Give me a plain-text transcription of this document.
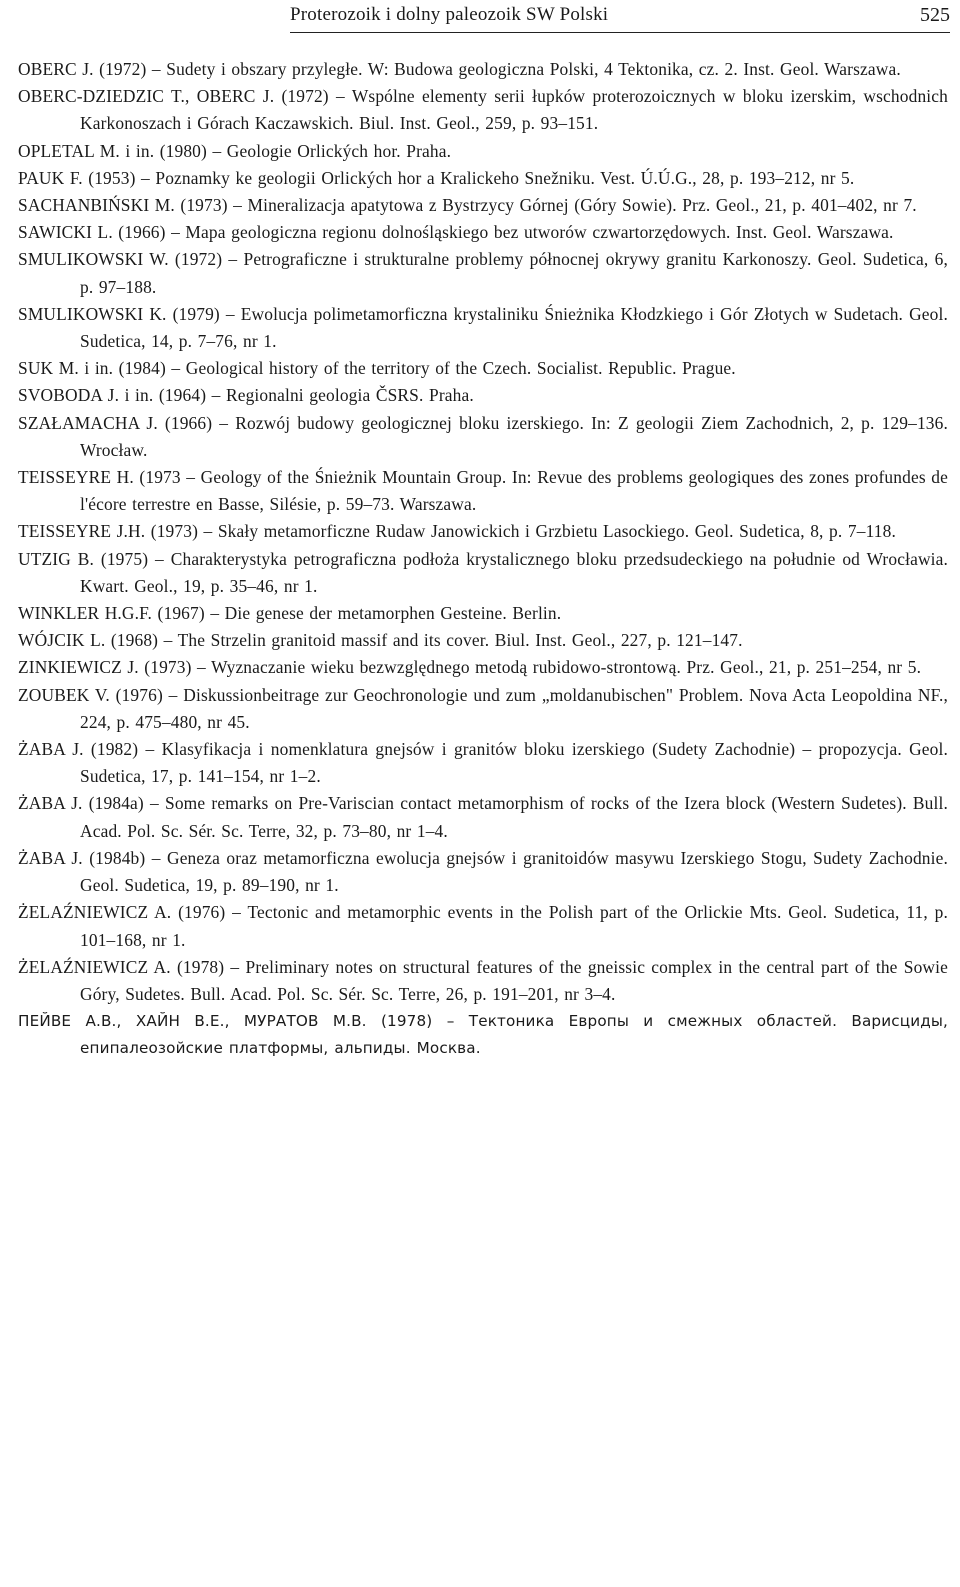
Proterozoik i dolny paleozoik SW Polski	525
OBERC J. (1972) – Sudety i obszary przyległe. W: Budowa geologiczna Polski, 4 Tektonika, cz. 2. Inst. Geol. Warszawa.
OBERC-DZIEDZIC T., OBERC J. (1972) – Wspólne elementy serii łupków proterozoicznych w bloku izerskim, wschodnich Karkonoszach i Górach Kaczawskich. Biul. Inst. Geol., 259, p. 93–151.
OPLETAL M. i in. (1980) – Geologie Orlických hor. Praha.
PAUK F. (1953) – Poznamky ke geologii Orlických hor a Kralickeho Snežniku. Vest. Ú.Ú.G., 28, p. 193–212, nr 5.
SACHANBIŃSKI M. (1973) – Mineralizacja apatytowa z Bystrzycy Górnej (Góry Sowie). Prz. Geol., 21, p. 401–402, nr 7.
SAWICKI L. (1966) – Mapa geologiczna regionu dolnośląskiego bez utworów czwartorzędowych. Inst. Geol. Warszawa.
SMULIKOWSKI W. (1972) – Petrograficzne i strukturalne problemy północnej okrywy granitu Karkonoszy. Geol. Sudetica, 6, p. 97–188.
SMULIKOWSKI K. (1979) – Ewolucja polimetamorficzna krystaliniku Śnieżnika Kłodzkiego i Gór Złotych w Sudetach. Geol. Sudetica, 14, p. 7–76, nr 1.
SUK M. i in. (1984) – Geological history of the territory of the Czech. Socialist. Republic. Prague.
SVOBODA J. i in. (1964) – Regionalni geologia ČSRS. Praha.
SZAŁAMACHA J. (1966) – Rozwój budowy geologicznej bloku izerskiego. In: Z geologii Ziem Zachodnich, 2, p. 129–136. Wrocław.
TEISSEYRE H. (1973 – Geology of the Śnieżnik Mountain Group. In: Revue des problems geologiques des zones profundes de l'écore terrestre en Basse, Silésie, p. 59–73. Warszawa.
TEISSEYRE J.H. (1973) – Skały metamorficzne Rudaw Janowickich i Grzbietu Lasockiego. Geol. Sudetica, 8, p. 7–118.
UTZIG B. (1975) – Charakterystyka petrograficzna podłoża krystalicznego bloku przedsudeckiego na południe od Wrocławia. Kwart. Geol., 19, p. 35–46, nr 1.
WINKLER H.G.F. (1967) – Die genese der metamorphen Gesteine. Berlin.
WÓJCIK L. (1968) – The Strzelin granitoid massif and its cover. Biul. Inst. Geol., 227, p. 121–147.
ZINKIEWICZ J. (1973) – Wyznaczanie wieku bezwzględnego metodą rubidowo-strontową. Prz. Geol., 21, p. 251–254, nr 5.
ZOUBEK V. (1976) – Diskussionbeitrage zur Geochronologie und zum „moldanubischen" Problem. Nova Acta Leopoldina NF., 224, p. 475–480, nr 45.
ŻABA J. (1982) – Klasyfikacja i nomenklatura gnejsów i granitów bloku izerskiego (Sudety Zachodnie) – propozycja. Geol. Sudetica, 17, p. 141–154, nr 1–2.
ŻABA J. (1984a) – Some remarks on Pre-Variscian contact metamorphism of rocks of the Izera block (Western Sudetes). Bull. Acad. Pol. Sc. Sér. Sc. Terre, 32, p. 73–80, nr 1–4.
ŻABA J. (1984b) – Geneza oraz metamorficzna ewolucja gnejsów i granitoidów masywu Izerskiego Stogu, Sudety Zachodnie. Geol. Sudetica, 19, p. 89–190, nr 1.
ŻELAŹNIEWICZ A. (1976) – Tectonic and metamorphic events in the Polish part of the Orlickie Mts. Geol. Sudetica, 11, p. 101–168, nr 1.
ŻELAŹNIEWICZ A. (1978) – Preliminary notes on structural features of the gneissic complex in the central part of the Sowie Góry, Sudetes. Bull. Acad. Pol. Sc. Sér. Sc. Terre, 26, p. 191–201, nr 3–4.
ПЕЙВЕ А.В., ХАЙН В.Е., МУРАТОВ М.В. (1978) – Тектоника Европы и смежных областей. Варисциды, епипалеозойские платформы, альпиды. Москва.
